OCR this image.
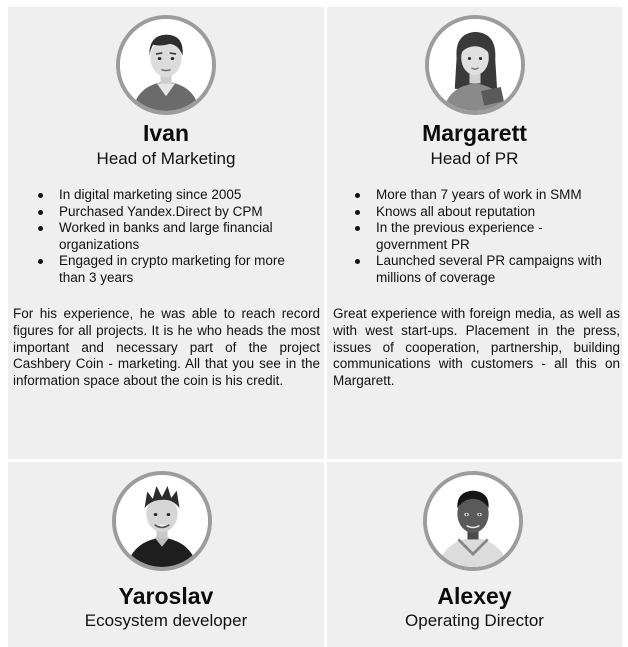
Ivan
Head of Marketing
In digital marketing since 2005
Purchased Yandex.Direct by CPM
Worked in banks and large financial organizations
Engaged in crypto marketing for more than 3 years

For his experience, he was able to reach record figures for all projects. It is he who heads the most important and necessary part of the project Cashbery Coin - marketing. All that you see in the information space about the coin is his credit.

Margarett
Head of PR
More than 7 years of work in SMM
Knows all about reputation
In the previous experience - government PR
Launched several PR campaigns with millions of coverage

Great experience with foreign media, as well as with west start-ups. Placement in the press, issues of cooperation, partnership, building communications with customers - all this on Margarett.

Yaroslav
Ecosystem developer
Alexey
Operating Director
